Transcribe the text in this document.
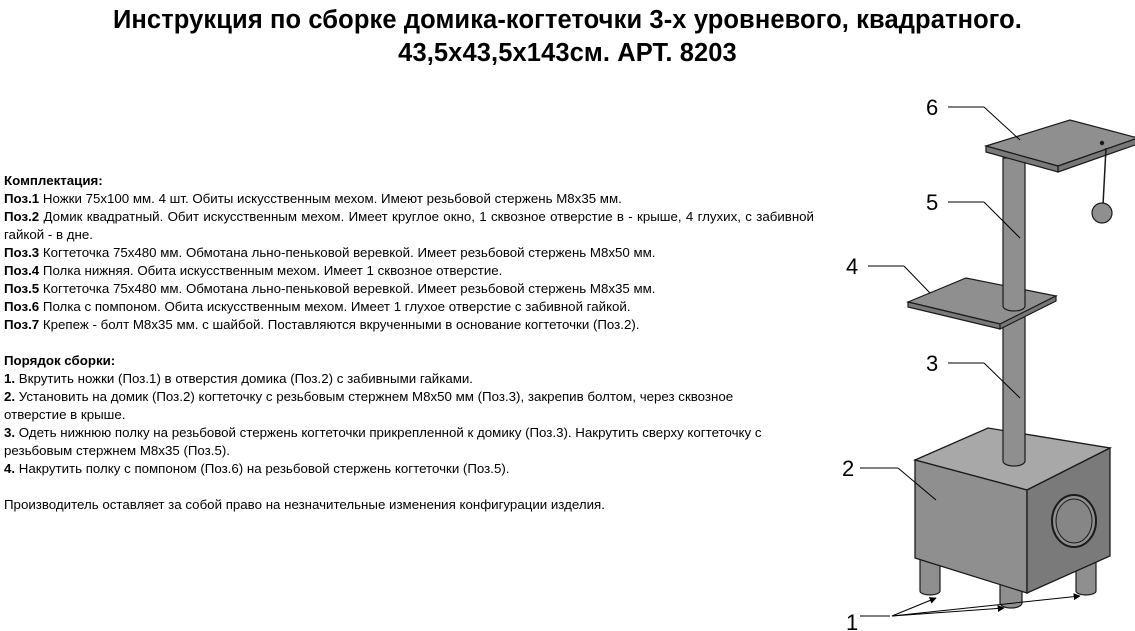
Инструкция по сборке домика-когтеточки 3-х уровневого, квадратного.
43,5х43,5х143см. АРТ. 8203

Комплектация:

Поз.1 Ножки 75х100 мм. 4 шт. Обиты искусственным мехом. Имеют резьбовой стержень М8х35 мм.

Поз.2 Домик квадратный. Обит искусственным мехом. Имеет круглое окно, 1 сквозное отверстие в - крыше, 4 глухих, с забивной гайкой - в дне.

Поз.3 Когтеточка 75х480 мм. Обмотана льно-пеньковой веревкой. Имеет резьбовой стержень М8х50 мм.

Поз.4 Полка нижняя. Обита искусственным мехом. Имеет 1 сквозное отверстие.

Поз.5 Когтеточка 75х480 мм. Обмотана льно-пеньковой веревкой. Имеет резьбовой стержень М8х35 мм.

Поз.6 Полка с помпоном. Обита искусственным мехом. Имеет 1 глухое отверстие с забивной гайкой.

Поз.7 Крепеж - болт М8х35 мм. с шайбой. Поставляются вкрученными в основание когтеточки (Поз.2).

Порядок сборки:

1. Вкрутить ножки (Поз.1) в отверстия домика (Поз.2) с забивными гайками.

2. Установить на домик (Поз.2) когтеточку с резьбовым стержнем М8х50 мм (Поз.3), закрепив болтом, через сквозное отверстие в крыше.

3. Одеть нижнюю полку на резьбовой стержень когтеточки прикрепленной к домику (Поз.3). Накрутить сверху когтеточку с резьбовым стержнем М8х35 (Поз.5).

4. Накрутить полку с помпоном (Поз.6) на резьбовой стержень когтеточки (Поз.5).

Производитель оставляет за собой право на незначительные изменения конфигурации изделия.

6
5
4
3
2
1
